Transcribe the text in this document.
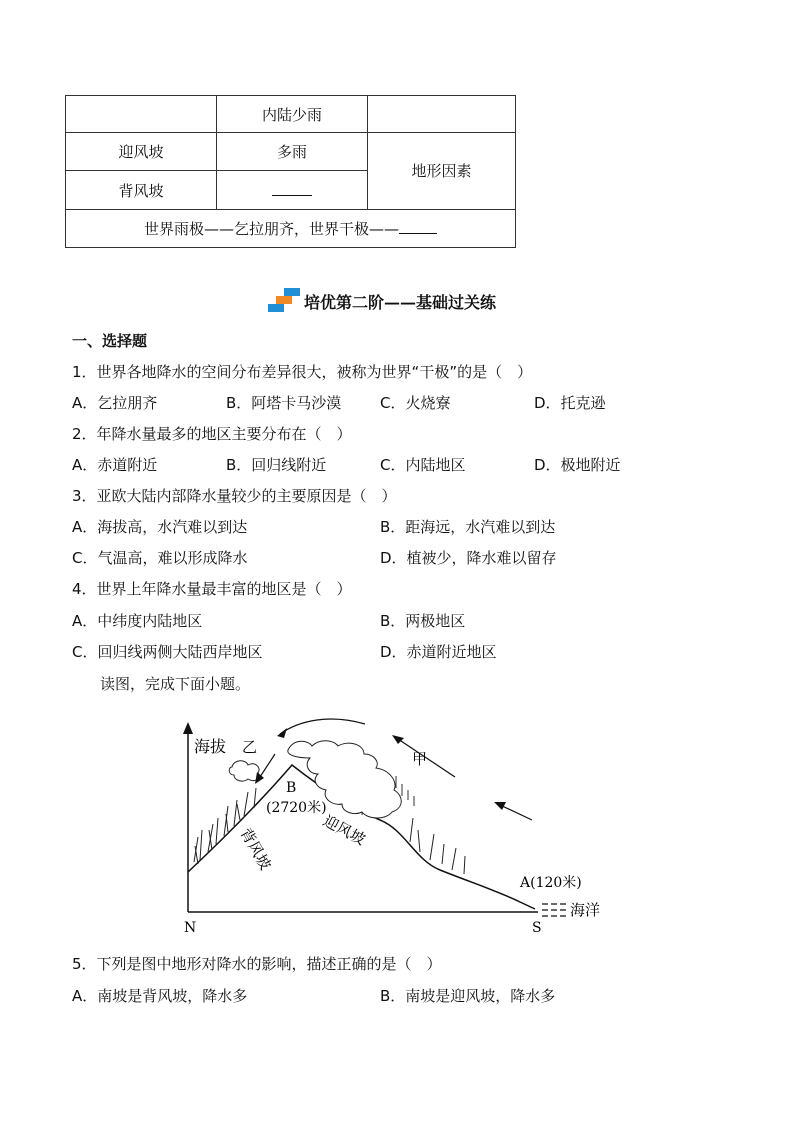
	内陆少雨	
迎风坡	多雨	地形因素
背风坡		
世界雨极——乞拉朋齐，世界干极——		
培优第二阶——基础过关练
一、选择题
1．世界各地降水的空间分布差异很大，被称为世界“干极”的是（　）
A．乞拉朋齐	B．阿塔卡马沙漠	C．火烧寮	D．托克逊
2．年降水量最多的地区主要分布在（　）
A．赤道附近	B．回归线附近	C．内陆地区	D．极地附近
3．亚欧大陆内部降水量较少的主要原因是（　）
A．海拔高，水汽难以到达	B．距海远，水汽难以到达
C．气温高，难以形成降水	D．植被少，降水难以留存
4．世界上年降水量最丰富的地区是（　）
A．中纬度内陆地区	B．两极地区
C．回归线两侧大陆西岸地区	D．赤道附近地区
读图，完成下面小题。
海拔 乙
甲
B
(2720米)
背风坡	迎风坡
A(120米)
海洋
N	S
5．下列是图中地形对降水的影响，描述正确的是（　）
A．南坡是背风坡，降水多	B．南坡是迎风坡，降水多
